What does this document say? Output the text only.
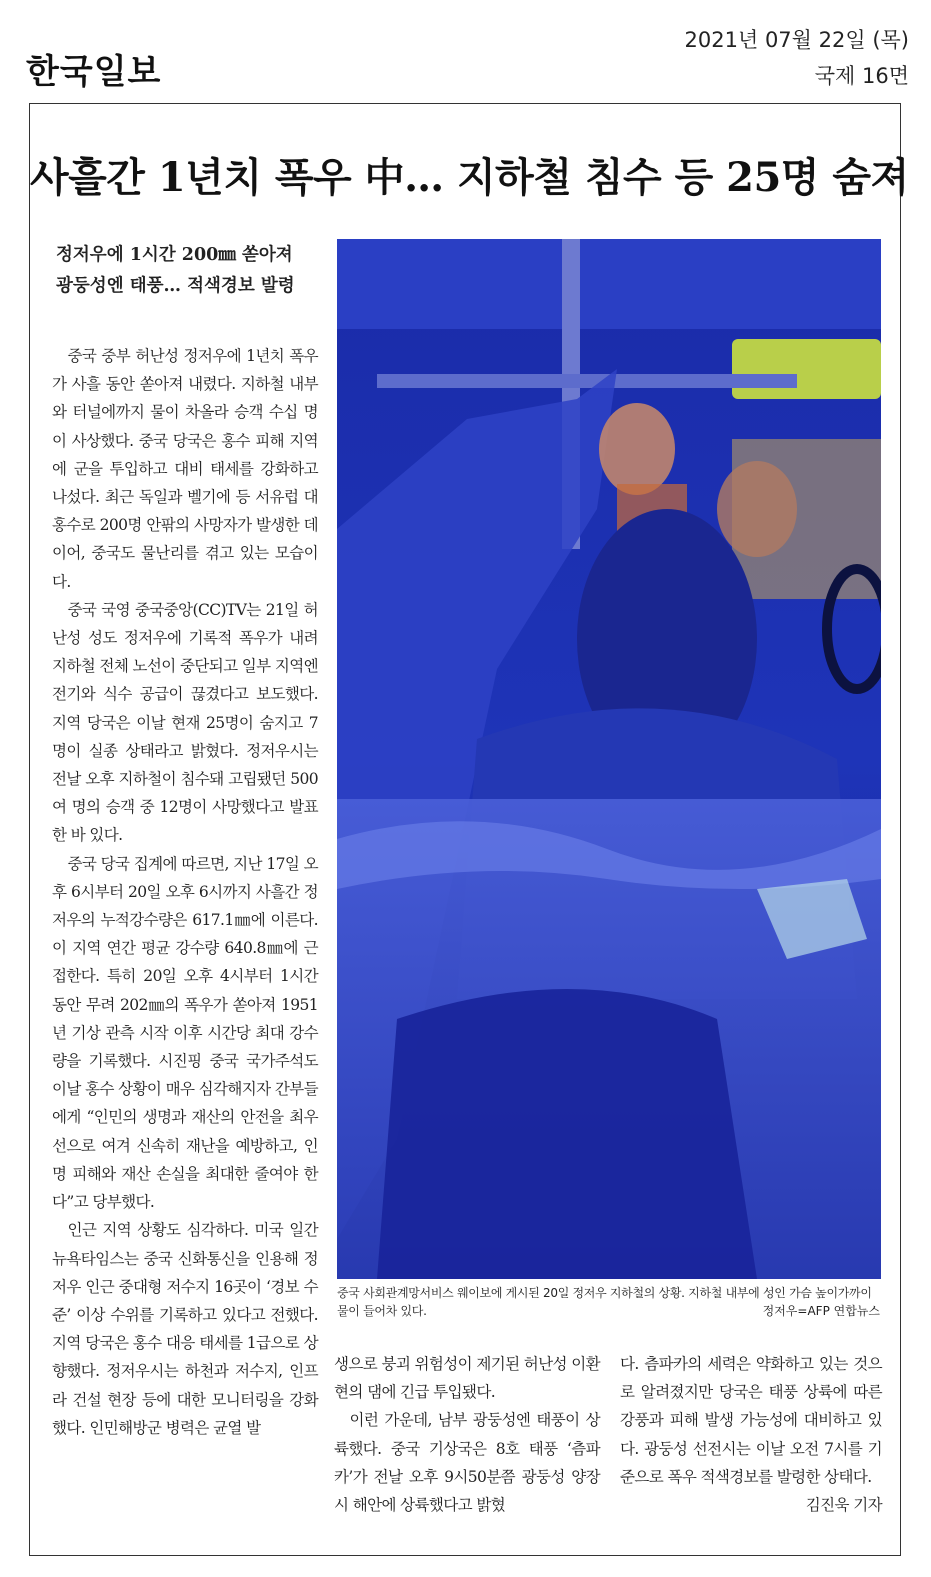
한국일보
2021년 07월 22일 (목)
국제 16면
사흘간 1년치 폭우 中… 지하철 침수 등 25명 숨져
정저우에 1시간 200㎜ 쏟아져
광둥성엔 태풍… 적색경보 발령

중국 중부 허난성 정저우에 1년치 폭우가 사흘 동안 쏟아져 내렸다. 지하철 내부와 터널에까지 물이 차올라 승객 수십 명이 사상했다. 중국 당국은 홍수 피해 지역에 군을 투입하고 대비 태세를 강화하고 나섰다. 최근 독일과 벨기에 등 서유럽 대홍수로 200명 안팎의 사망자가 발생한 데 이어, 중국도 물난리를 겪고 있는 모습이다.

중국 국영 중국중앙(CC)TV는 21일 허난성 성도 정저우에 기록적 폭우가 내려 지하철 전체 노선이 중단되고 일부 지역엔 전기와 식수 공급이 끊겼다고 보도했다. 지역 당국은 이날 현재 25명이 숨지고 7명이 실종 상태라고 밝혔다. 정저우시는 전날 오후 지하철이 침수돼 고립됐던 500여 명의 승객 중 12명이 사망했다고 발표한 바 있다.

중국 당국 집계에 따르면, 지난 17일 오후 6시부터 20일 오후 6시까지 사흘간 정저우의 누적강수량은 617.1㎜에 이른다. 이 지역 연간 평균 강수량 640.8㎜에 근접한다. 특히 20일 오후 4시부터 1시간 동안 무려 202㎜의 폭우가 쏟아져 1951년 기상 관측 시작 이후 시간당 최대 강수량을 기록했다. 시진핑 중국 국가주석도 이날 홍수 상황이 매우 심각해지자 간부들에게 “인민의 생명과 재산의 안전을 최우선으로 여겨 신속히 재난을 예방하고, 인명 피해와 재산 손실을 최대한 줄여야 한다”고 당부했다.

인근 지역 상황도 심각하다. 미국 일간 뉴욕타임스는 중국 신화통신을 인용해 정저우 인근 중대형 저수지 16곳이 ‘경보 수준’ 이상 수위를 기록하고 있다고 전했다. 지역 당국은 홍수 대응 태세를 1급으로 상향했다. 정저우시는 하천과 저수지, 인프라 건설 현장 등에 대한 모니터링을 강화했다. 인민해방군 병력은 균열 발

중국 사회관계망서비스 웨이보에 게시된 20일 정저우 지하철의 상황. 지하철 내부에 성인 가슴 높이가까이 물이 들어차 있다.	정저우=AFP 연합뉴스

생으로 붕괴 위험성이 제기된 허난성 이환현의 댐에 긴급 투입됐다.

이런 가운데, 남부 광둥성엔 태풍이 상륙했다. 중국 기상국은 8호 태풍 ‘츰파카’가 전날 오후 9시50분쯤 광둥성 양장시 해안에 상륙했다고 밝혔

다. 츰파카의 세력은 약화하고 있는 것으로 알려졌지만 당국은 태풍 상륙에 따른 강풍과 피해 발생 가능성에 대비하고 있다. 광둥성 선전시는 이날 오전 7시를 기준으로 폭우 적색경보를 발령한 상태다.
김진욱 기자
